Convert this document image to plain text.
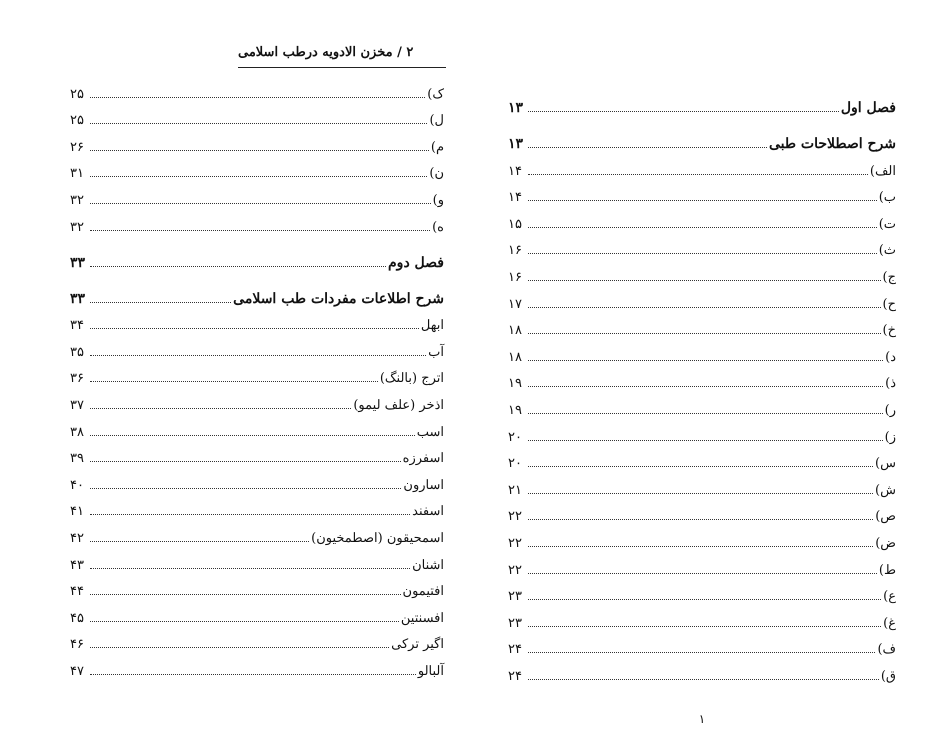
۲ / مخزن الادویه درطب اسلامی
ک)
۲۵
ل)
۲۵
م)
۲۶
ن)
۳۱
و)
۳۲
ه)
۳۲
فصل دوم
۳۳
شرح اطلاعات مفردات طب اسلامی
۳۳
ابهل
۳۴
آب
۳۵
اترج (بالنگ)
۳۶
اذخر (علف لیمو)
۳۷
اسب
۳۸
اسفرزه
۳۹
اسارون
۴۰
اسفند
۴۱
اسمحیقون (اصطمخیون)
۴۲
اشنان
۴۳
افتیمون
۴۴
افسنتین
۴۵
اگیر ترکی
۴۶
آلبالو
۴۷
فصل اول
۱۳
شرح اصطلاحات طبی
۱۳
الف)
۱۴
ب)
۱۴
ت)
۱۵
ث)
۱۶
ج)
۱۶
ح)
۱۷
خ)
۱۸
د)
۱۸
ذ)
۱۹
ر)
۱۹
ز)
۲۰
س)
۲۰
ش)
۲۱
ص)
۲۲
ض)
۲۲
ط)
۲۲
ع)
۲۳
غ)
۲۳
ف)
۲۴
ق)
۲۴
۱
